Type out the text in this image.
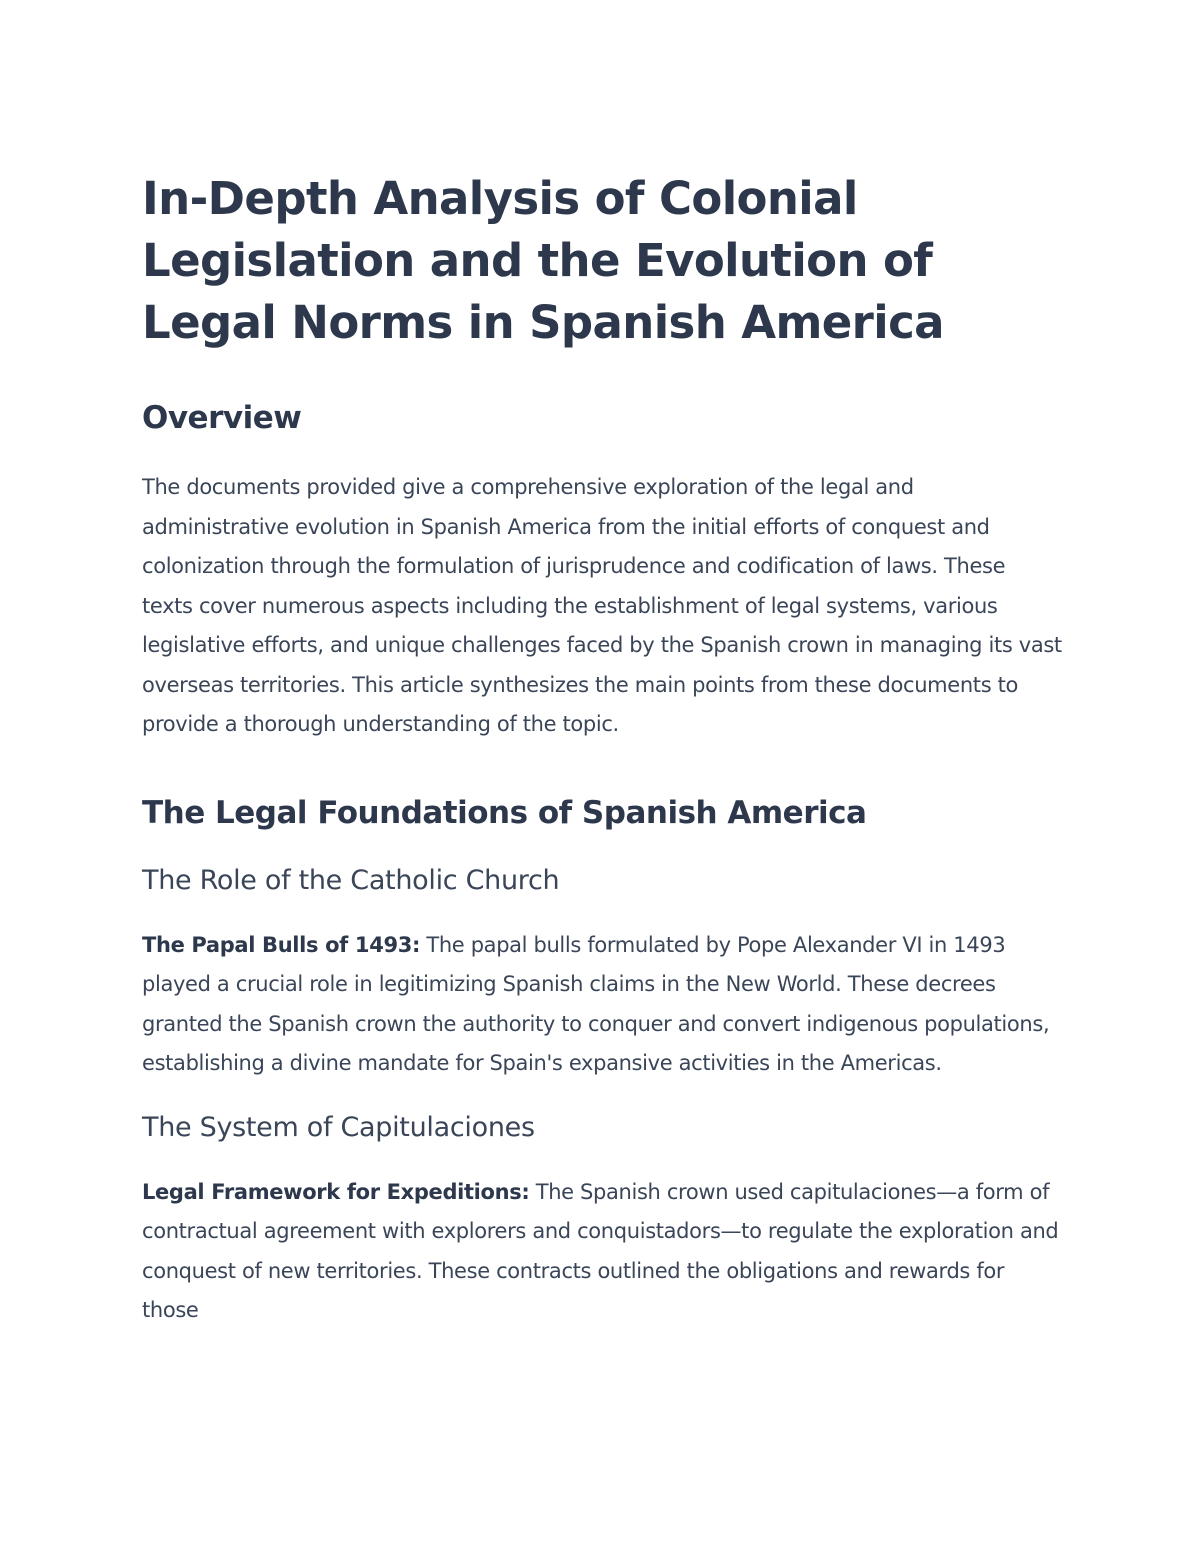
In-Depth Analysis of Colonial Legislation and the Evolution of Legal Norms in Spanish America
Overview

The documents provided give a comprehensive exploration of the legal and administrative evolution in Spanish America from the initial efforts of conquest and colonization through the formulation of jurisprudence and codification of laws. These texts cover numerous aspects including the establishment of legal systems, various legislative efforts, and unique challenges faced by the Spanish crown in managing its vast overseas territories. This article synthesizes the main points from these documents to provide a thorough understanding of the topic.

The Legal Foundations of Spanish America
The Role of the Catholic Church

The Papal Bulls of 1493: The papal bulls formulated by Pope Alexander VI in 1493 played a crucial role in legitimizing Spanish claims in the New World. These decrees granted the Spanish crown the authority to conquer and convert indigenous populations, establishing a divine mandate for Spain's expansive activities in the Americas.

The System of Capitulaciones

Legal Framework for Expeditions: The Spanish crown used capitulaciones—a form of contractual agreement with explorers and conquistadors—to regulate the exploration and conquest of new territories. These contracts outlined the obligations and rewards for those
